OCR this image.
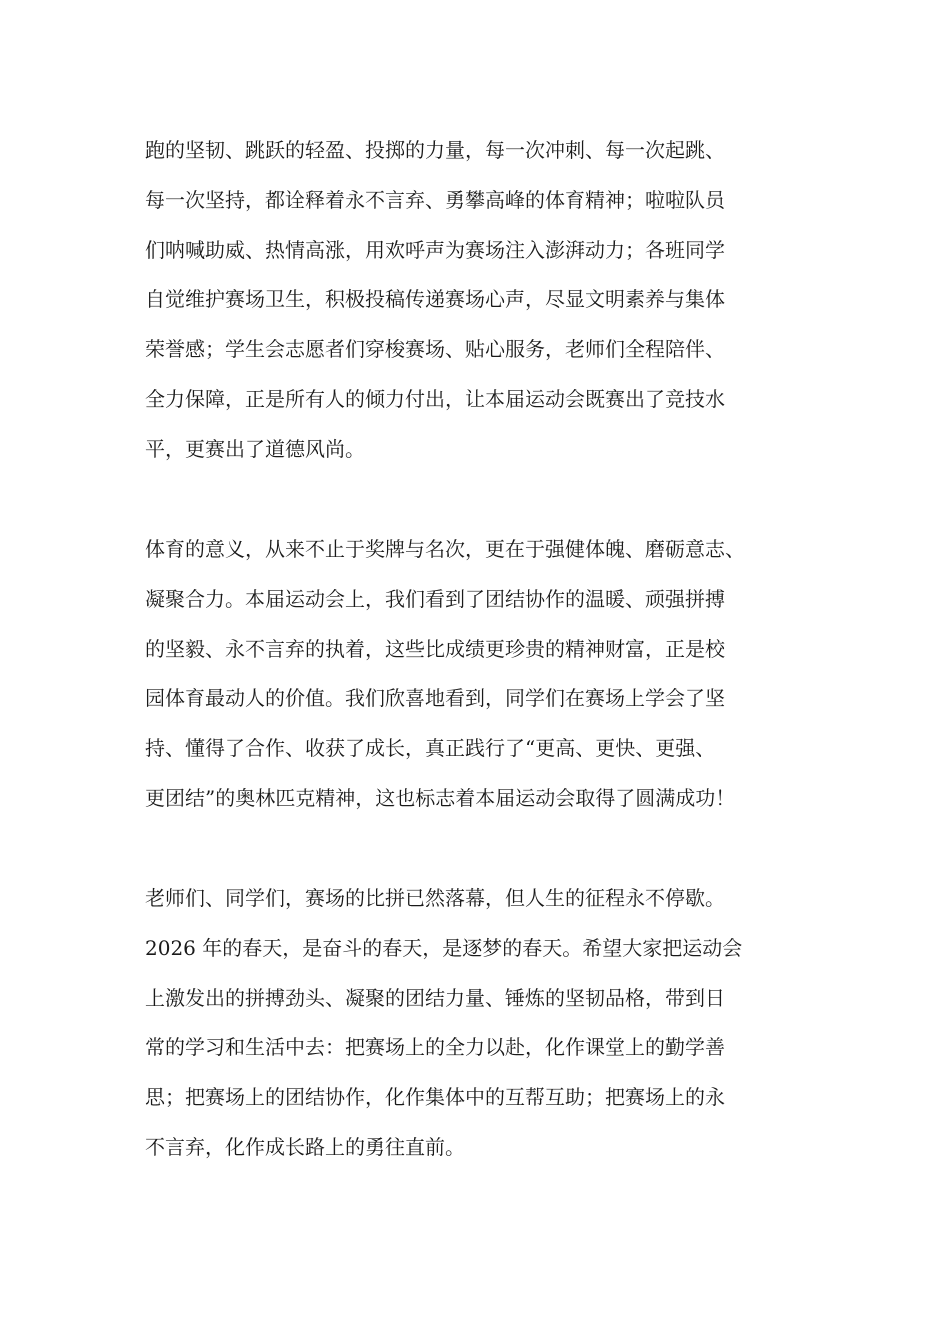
跑的坚韧、跳跃的轻盈、投掷的力量，每一次冲刺、每一次起跳、
每一次坚持，都诠释着永不言弃、勇攀高峰的体育精神；啦啦队员
们呐喊助威、热情高涨，用欢呼声为赛场注入澎湃动力；各班同学
自觉维护赛场卫生，积极投稿传递赛场心声，尽显文明素养与集体
荣誉感；学生会志愿者们穿梭赛场、贴心服务，老师们全程陪伴、
全力保障，正是所有人的倾力付出，让本届运动会既赛出了竞技水
平，更赛出了道德风尚。
体育的意义，从来不止于奖牌与名次，更在于强健体魄、磨砺意志、
凝聚合力。本届运动会上，我们看到了团结协作的温暖、顽强拼搏
的坚毅、永不言弃的执着，这些比成绩更珍贵的精神财富，正是校
园体育最动人的价值。我们欣喜地看到，同学们在赛场上学会了坚
持、懂得了合作、收获了成长，真正践行了“更高、更快、更强、
更团结”的奥林匹克精神，这也标志着本届运动会取得了圆满成功！
老师们、同学们，赛场的比拼已然落幕，但人生的征程永不停歇。
2026 年的春天，是奋斗的春天，是逐梦的春天。希望大家把运动会
上激发出的拼搏劲头、凝聚的团结力量、锤炼的坚韧品格，带到日
常的学习和生活中去：把赛场上的全力以赴，化作课堂上的勤学善
思；把赛场上的团结协作，化作集体中的互帮互助；把赛场上的永
不言弃，化作成长路上的勇往直前。
